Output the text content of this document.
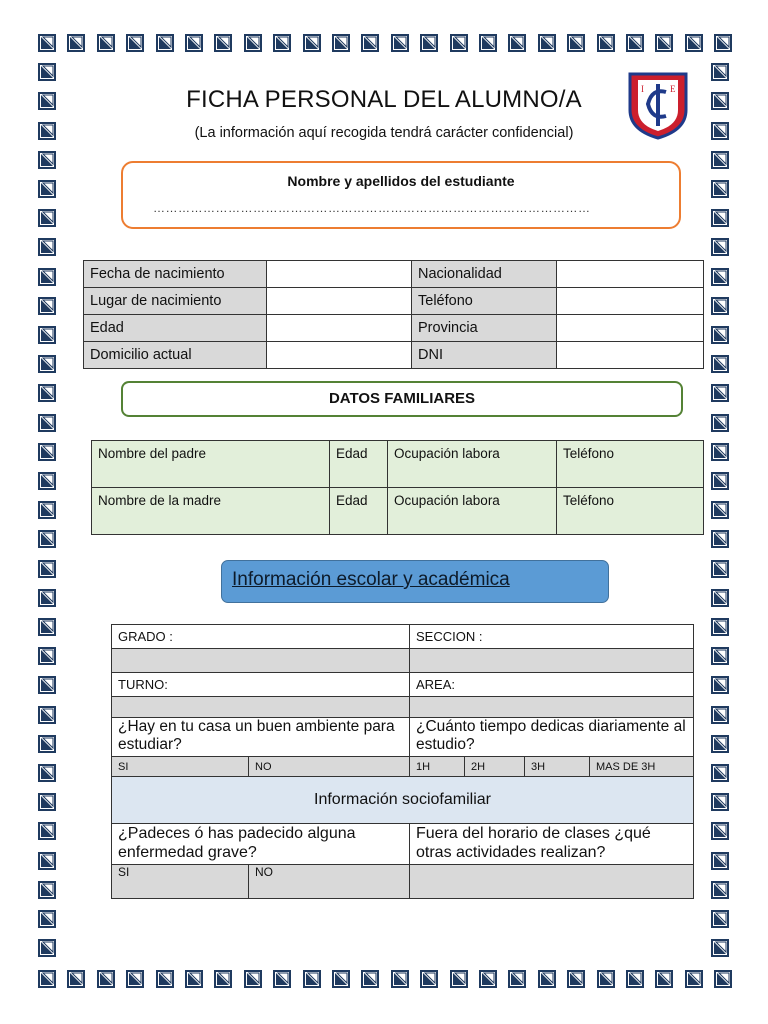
I	E
FICHA PERSONAL DEL ALUMNO/A
(La información aquí recogida tendrá carácter confidencial)
Nombre y apellidos del estudiante
……………………………………………………………………………………………
Fecha de nacimiento		Nacionalidad	
Lugar de nacimiento		Teléfono	
Edad		Provincia	
Domicilio actual		DNI	
DATOS FAMILIARES
Nombre del padre	Edad	Ocupación labora	Teléfono
Nombre de la madre	Edad	Ocupación labora	Teléfono
Información escolar y académica
GRADO :		SECCION :			

TURNO:		AREA:			

¿Hay en tu casa un buen ambiente para estudiar?		¿Cuánto tiempo dedicas diariamente al estudio?			
SI	NO	1H	2H	3H	MAS DE 3H
Información sociofamiliar					
¿Padeces ó has padecido alguna enfermedad grave?		Fuera del horario de clases ¿qué otras actividades realizan?			
SI	NO				
